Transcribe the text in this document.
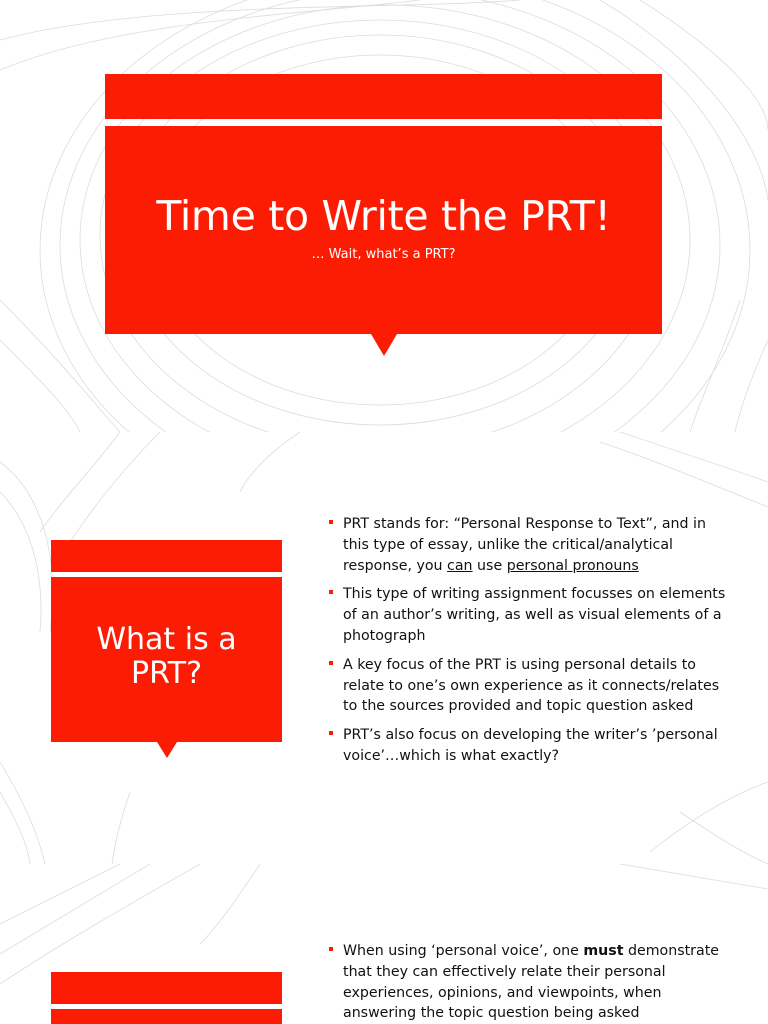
Time to Write the PRT!
… Wait, what’s a PRT?
What is a
PRT?
PRT stands for: “Personal Response to Text”, and in this type of essay, unlike the critical/analytical response, you can use personal pronouns
This type of writing assignment focusses on elements of an author’s writing, as well as visual elements of a photograph
A key focus of the PRT is using personal details to relate to one’s own experience as it connects/relates to the sources provided and topic question asked
PRT’s also focus on developing the writer’s ’personal voice’…which is what exactly?
When using ‘personal voice’, one must demonstrate that they can effectively relate their personal experiences, opinions, and viewpoints, when answering the topic question being asked
